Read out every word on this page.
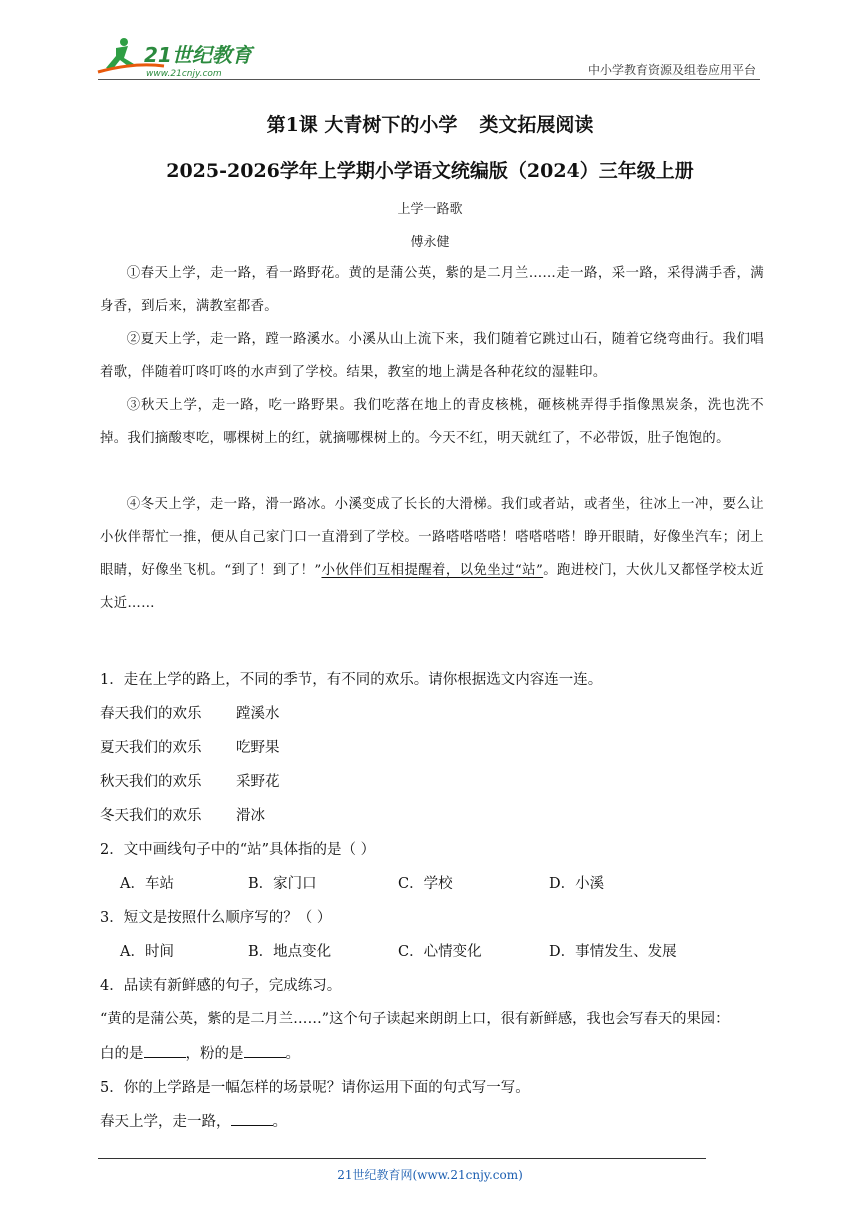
21世纪教育
www.21cnjy.com	中小学教育资源及组卷应用平台
第1课 大青树下的小学 类文拓展阅读
2025-2026学年上学期小学语文统编版（2024）三年级上册
上学一路歌
傅永健
①春天上学，走一路，看一路野花。黄的是蒲公英，紫的是二月兰……走一路，采一路，采得满手香，满身香，到后来，满教室都香。
②夏天上学，走一路，蹚一路溪水。小溪从山上流下来，我们随着它跳过山石，随着它绕弯曲行。我们唱着歌，伴随着叮咚叮咚的水声到了学校。结果，教室的地上满是各种花纹的湿鞋印。
③秋天上学，走一路，吃一路野果。我们吃落在地上的青皮核桃，砸核桃弄得手指像黑炭条，洗也洗不掉。我们摘酸枣吃，哪棵树上的红，就摘哪棵树上的。今天不红，明天就红了，不必带饭，肚子饱饱的。
④冬天上学，走一路，滑一路冰。小溪变成了长长的大滑梯。我们或者站，或者坐，往冰上一冲，要么让小伙伴帮忙一推，便从自己家门口一直滑到了学校。一路嗒嗒嗒嗒！嗒嗒嗒嗒！睁开眼睛，好像坐汽车；闭上眼睛，好像坐飞机。“到了！到了！”小伙伴们互相提醒着，以免坐过“站”。跑进校门，大伙儿又都怪学校太近太近……
1．走在上学的路上，不同的季节，有不同的欢乐。请你根据选文内容连一连。
春天我们的欢乐 蹚溪水
夏天我们的欢乐 吃野果
秋天我们的欢乐 采野花
冬天我们的欢乐 滑冰
2．文中画线句子中的“站”具体指的是（ ）
A．车站	B．家门口	C．学校	D．小溪
3．短文是按照什么顺序写的？（ ）
A．时间	B．地点变化	C．心情变化	D．事情发生、发展
4．品读有新鲜感的句子，完成练习。
“黄的是蒲公英，紫的是二月兰……”这个句子读起来朗朗上口，很有新鲜感，我也会写春天的果园：
白的是	，粉的是	。
5．你的上学路是一幅怎样的场景呢？请你运用下面的句式写一写。
春天上学，走一路，	。
21世纪教育网(www.21cnjy.com)
